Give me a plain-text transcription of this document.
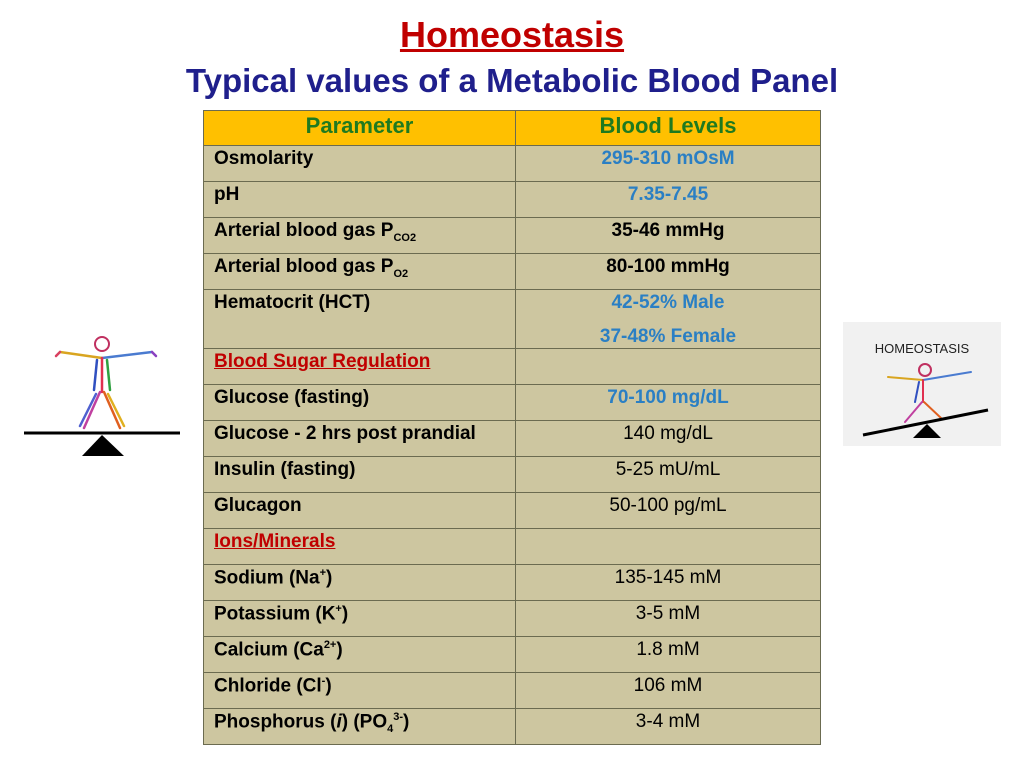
Homeostasis
Typical values of a Metabolic Blood Panel
Parameter	Blood Levels
Osmolarity	295-310 mOsM
pH	7.35-7.45
Arterial blood gas $P_{CO2}$	35-46 mmHg
Arterial blood gas $P_{O2}$	80-100 mmHg
Hematocrit (HCT)	42-52% Male
37-48% Female

Blood Sugar Regulation	
Glucose (fasting)	70-100 mg/dL
Glucose - 2 hrs post prandial	140 mg/dL
Insulin (fasting)	5-25 mU/mL
Glucagon	50-100 pg/mL
Ions/Minerals	
Sodium (Na+)	135-145 mM
Potassium (K+)	3-5 mM
Calcium $(Ca^{2+})$	1.8 mM
Chloride (Cl-)	106 mM
Phosphorus (i) $(PO_4^{3-})$	3-4 mM
HOMEOSTASIS
